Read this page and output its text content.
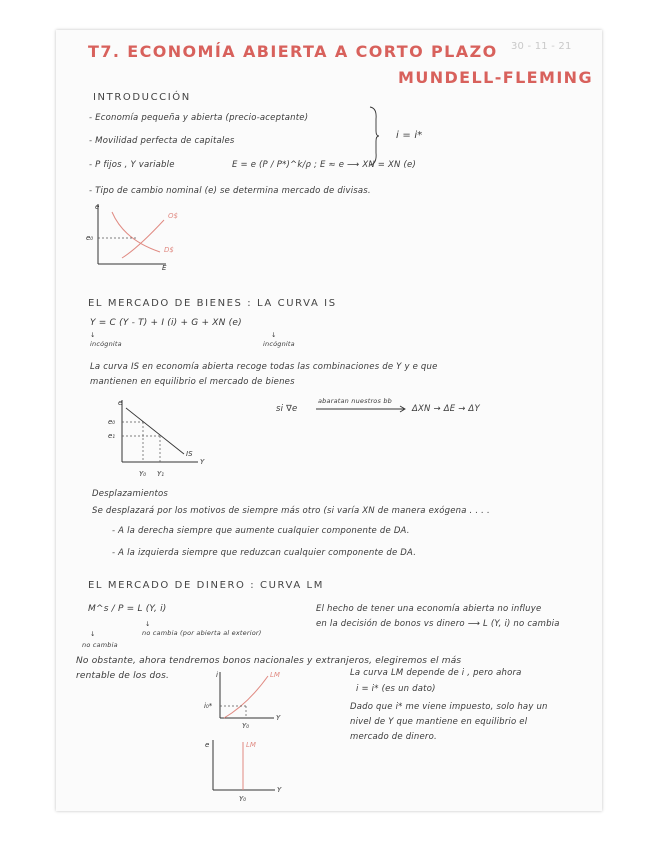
T7. ECONOMÍA ABIERTA A CORTO PLAZO 30 - 11 - 21
MUNDELL-FLEMING
INTRODUCCIÓN
- Economía pequeña y abierta (precio-aceptante)
- Movilidad perfecta de capitales
- P fijos , Y variable	E = e (P / P*)^k/ρ ; E ≈ e ⟶ XN = XN (e)
i = i*
- Tipo de cambio nominal (e) se determina mercado de divisas.
e
e₀
E
O$
D$
EL MERCADO DE BIENES : LA CURVA IS
Y = C (Y - T) + I (i) + G + XN (e)
↓
incógnita
↓
incógnita
La curva IS en economía abierta recoge todas las combinaciones de Y y e que
mantienen en equilibrio el mercado de bienes
e
e₀
e₁
Y₀ Y₁
Y
IS
si ∇e
abaratan nuestros bb
ΔXN → ΔE → ΔY
Desplazamientos
Se desplazará por los motivos de siempre más otro (si varía XN de manera exógena . . . .
- A la derecha siempre que aumente cualquier componente de DA.
- A la izquierda siempre que reduzcan cualquier componente de DA.
EL MERCADO DE DINERO : CURVA LM
M^s / P = L (Y, i)
↓
no cambia
↓
no cambia (por abierta al exterior)
El hecho de tener una economía abierta no influye
en la decisión de bonos vs dinero ⟶ L (Y, i) no cambia
No obstante, ahora tendremos bonos nacionales y extranjeros, elegiremos el más
rentable de los dos.	La curva LM depende de i , pero ahora
i = i* (es un dato)
Dado que i* me viene impuesto, solo hay un
nivel de Y que mantiene en equilibrio el
mercado de dinero.
i
i₀*
Y₀
Y
LM
e
Y₀
Y
LM
